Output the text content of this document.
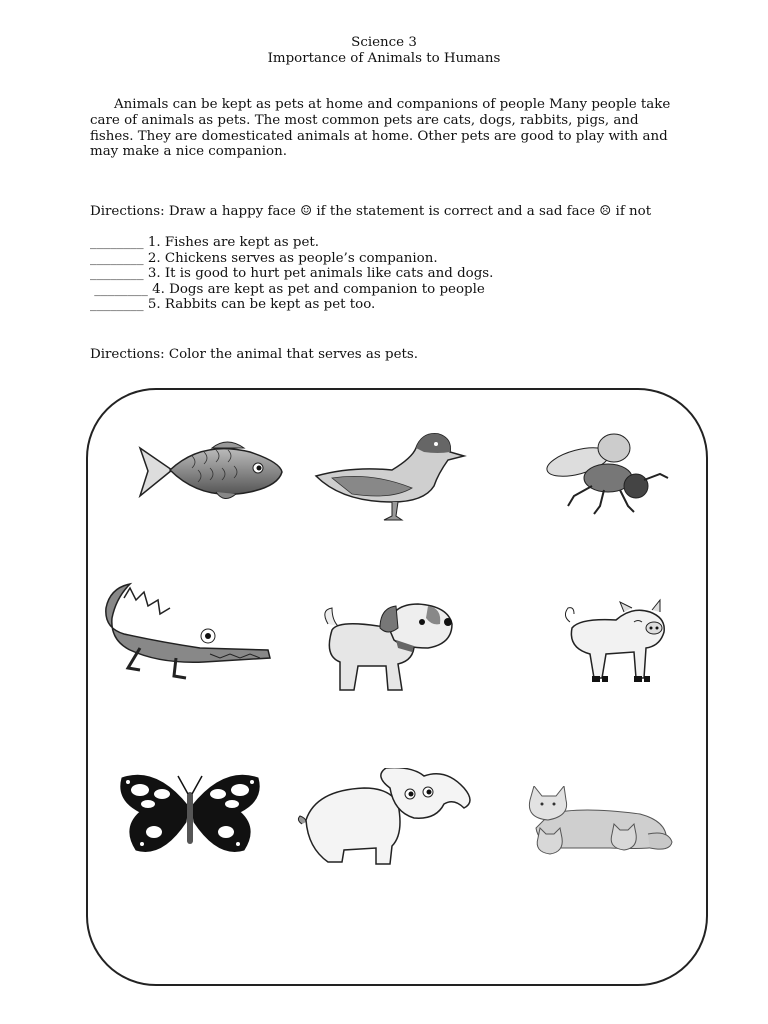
Science 3
Importance of Animals to Humans

Animals can be kept as pets at home and companions of people Many people take care of animals as pets. The most common pets are cats, dogs, rabbits, pigs, and fishes. They are domesticated animals at home. Other pets are good to play with and may make a nice companion.

Directions: Draw a happy face ☺ if the statement is correct and a sad face ☹ if not
________ 1. Fishes are kept as pet.
________ 2. Chickens serves as people’s companion.
________ 3. It is good to hurt pet animals like cats and dogs.
________ 4. Dogs are kept as pet and companion to people
________ 5. Rabbits can be kept as pet too.
Directions: Color the animal that serves as pets.
